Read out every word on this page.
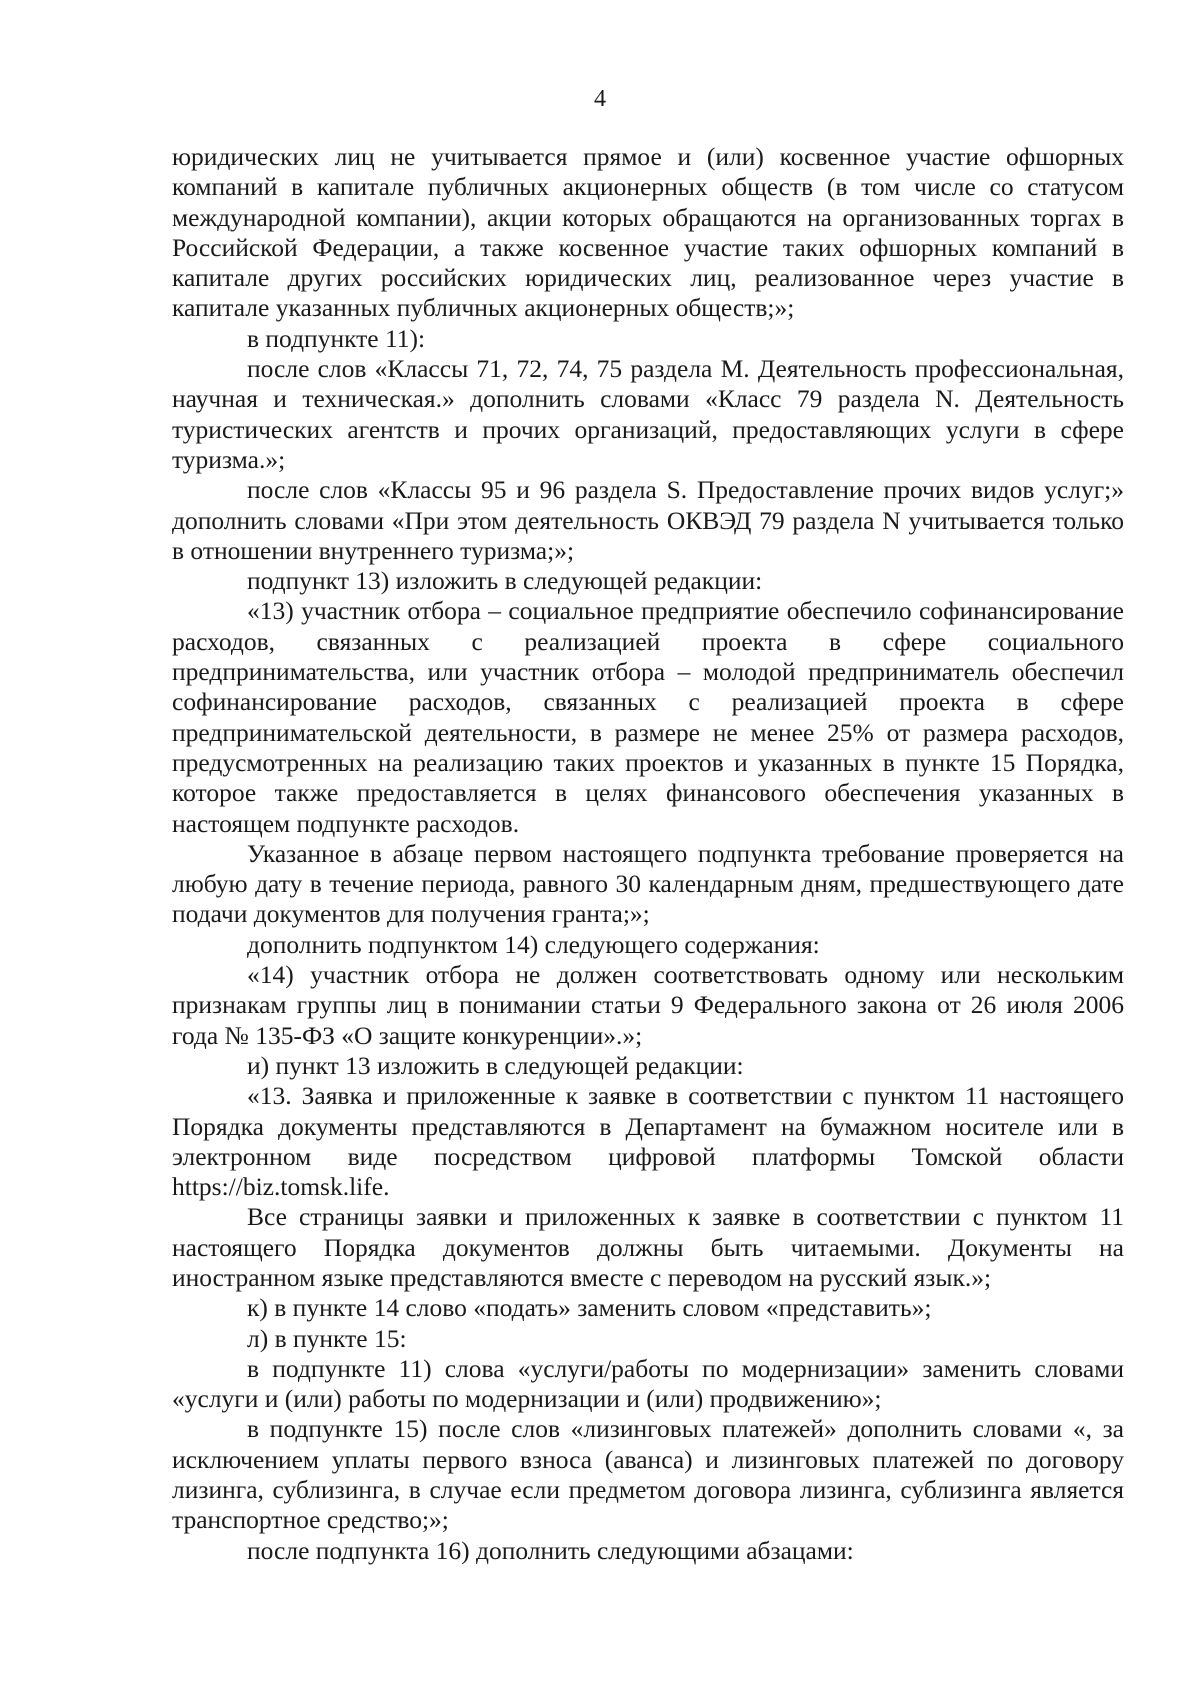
4

юридических лиц не учитывается прямое и (или) косвенное участие офшорных компаний в капитале публичных акционерных обществ (в том числе со статусом международной компании), акции которых обращаются на организованных торгах в Российской Федерации, а также косвенное участие таких офшорных компаний в капитале других российских юридических лиц, реализованное через участие в капитале указанных публичных акционерных обществ;»;

в подпункте 11):

после слов «Классы 71, 72, 74, 75 раздела М. Деятельность профессиональная, научная и техническая.» дополнить словами «Класс 79 раздела N. Деятельность туристических агентств и прочих организаций, предоставляющих услуги в сфере туризма.»;

после слов «Классы 95 и 96 раздела S. Предоставление прочих видов услуг;» дополнить словами «При этом деятельность ОКВЭД 79 раздела N учитывается только в отношении внутреннего туризма;»;

подпункт 13) изложить в следующей редакции:

«13) участник отбора – социальное предприятие обеспечило софинансирование расходов, связанных с реализацией проекта в сфере социального предпринимательства, или участник отбора – молодой предприниматель обеспечил софинансирование расходов, связанных с реализацией проекта в сфере предпринимательской деятельности, в размере не менее 25% от размера расходов, предусмотренных на реализацию таких проектов и указанных в пункте 15 Порядка, которое также предоставляется в целях финансового обеспечения указанных в настоящем подпункте расходов.

Указанное в абзаце первом настоящего подпункта требование проверяется на любую дату в течение периода, равного 30 календарным дням, предшествующего дате подачи документов для получения гранта;»;

дополнить подпунктом 14) следующего содержания:

«14) участник отбора не должен соответствовать одному или нескольким признакам группы лиц в понимании статьи 9 Федерального закона от 26 июля 2006 года № 135-ФЗ «О защите конкуренции».»;

и) пункт 13 изложить в следующей редакции:

«13. Заявка и приложенные к заявке в соответствии с пунктом 11 настоящего Порядка документы представляются в Департамент на бумажном носителе или в электронном виде посредством цифровой платформы Томской области https://biz.tomsk.life.

Все страницы заявки и приложенных к заявке в соответствии с пунктом 11 настоящего Порядка документов должны быть читаемыми. Документы на иностранном языке представляются вместе с переводом на русский язык.»;

к) в пункте 14 слово «подать» заменить словом «представить»;

л) в пункте 15:

в подпункте 11) слова «услуги/работы по модернизации» заменить словами «услуги и (или) работы по модернизации и (или) продвижению»;

в подпункте 15) после слов «лизинговых платежей» дополнить словами «, за исключением уплаты первого взноса (аванса) и лизинговых платежей по договору лизинга, сублизинга, в случае если предметом договора лизинга, сублизинга является транспортное средство;»;

после подпункта 16) дополнить следующими абзацами:
